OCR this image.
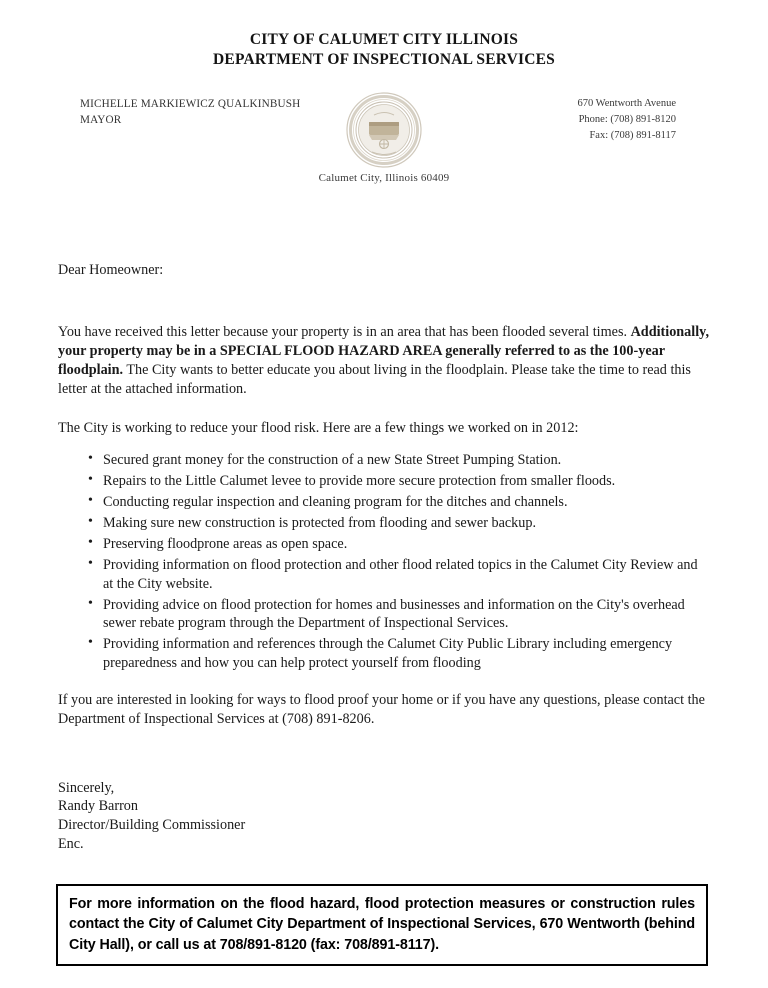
CITY OF CALUMET CITY ILLINOIS
DEPARTMENT OF INSPECTIONAL SERVICES
MICHELLE MARKIEWICZ QUALKINBUSH
MAYOR
670 Wentworth Avenue
Phone: (708) 891-8120
Fax: (708) 891-8117
Calumet City, Illinois 60409
Dear Homeowner:

You have received this letter because your property is in an area that has been flooded several times. Additionally, your property may be in a SPECIAL FLOOD HAZARD AREA generally referred to as the 100-year floodplain. The City wants to better educate you about living in the floodplain. Please take the time to read this letter at the attached information.

The City is working to reduce your flood risk. Here are a few things we worked on in 2012:

• Secured grant money for the construction of a new State Street Pumping Station.
• Repairs to the Little Calumet levee to provide more secure protection from smaller floods.
• Conducting regular inspection and cleaning program for the ditches and channels.
• Making sure new construction is protected from flooding and sewer backup.
• Preserving floodprone areas as open space.
• Providing information on flood protection and other flood related topics in the Calumet City Review and at the City website.
• Providing advice on flood protection for homes and businesses and information on the City's overhead sewer rebate program through the Department of Inspectional Services.
• Providing information and references through the Calumet City Public Library including emergency preparedness and how you can help protect yourself from flooding

If you are interested in looking for ways to flood proof your home or if you have any questions, please contact the Department of Inspectional Services at (708) 891-8206.

Sincerely,
Randy Barron
Director/Building Commissioner
Enc.

For more information on the flood hazard, flood protection measures or construction rules contact the City of Calumet City Department of Inspectional Services, 670 Wentworth (behind City Hall), or call us at 708/891-8120 (fax: 708/891-8117).
